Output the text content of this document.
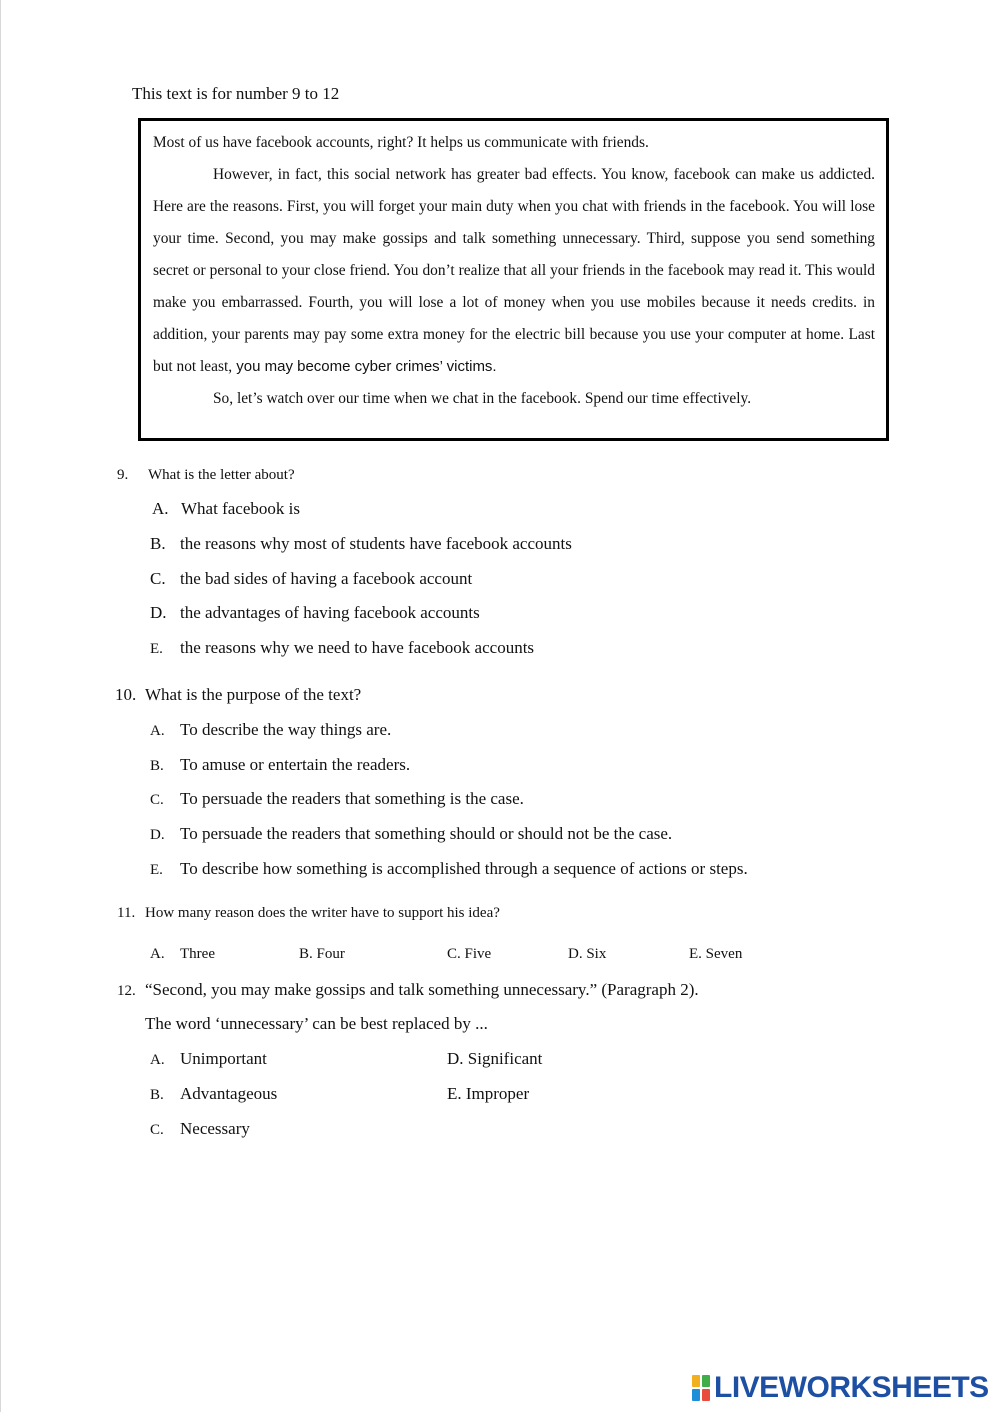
This text is for number 9 to 12

Most of us have facebook accounts, right? It helps us communicate with friends.

However, in fact, this social network has greater bad effects. You know, facebook can make us addicted. Here are the reasons. First, you will forget your main duty when you chat with friends in the facebook. You will lose your time. Second, you may make gossips and talk something unnecessary. Third, suppose you send something secret or personal to your close friend. You don’t realize that all your friends in the facebook may read it. This would make you embarrassed. Fourth, you will lose a lot of money when you use mobiles because it needs credits. in addition, your parents may pay some extra money for the electric bill because you use your computer at home. Last but not least, you may become cyber crimes’ victims.

So, let’s watch over our time when we chat in the facebook. Spend our time effectively.

9. What is the letter about?
A. What facebook is
B. the reasons why most of students have facebook accounts
C. the bad sides of having a facebook account
D. the advantages of having facebook accounts
E. the reasons why we need to have facebook accounts
10. What is the purpose of the text?
A. To describe the way things are.
B. To amuse or entertain the readers.
C. To persuade the readers that something is the case.
D. To persuade the readers that something should or should not be the case.
E. To describe how something is accomplished through a sequence of actions or steps.
11. How many reason does the writer have to support his idea?
A. Three	B. Four	C. Five	D. Six	E. Seven
12. “Second, you may make gossips and talk something unnecessary.” (Paragraph 2).
The word ‘unnecessary’ can be best replaced by ...
A. Unimportant
B. Advantageous
C. Necessary
D. Significant
E. Improper
LIVEWORKSHEETS
